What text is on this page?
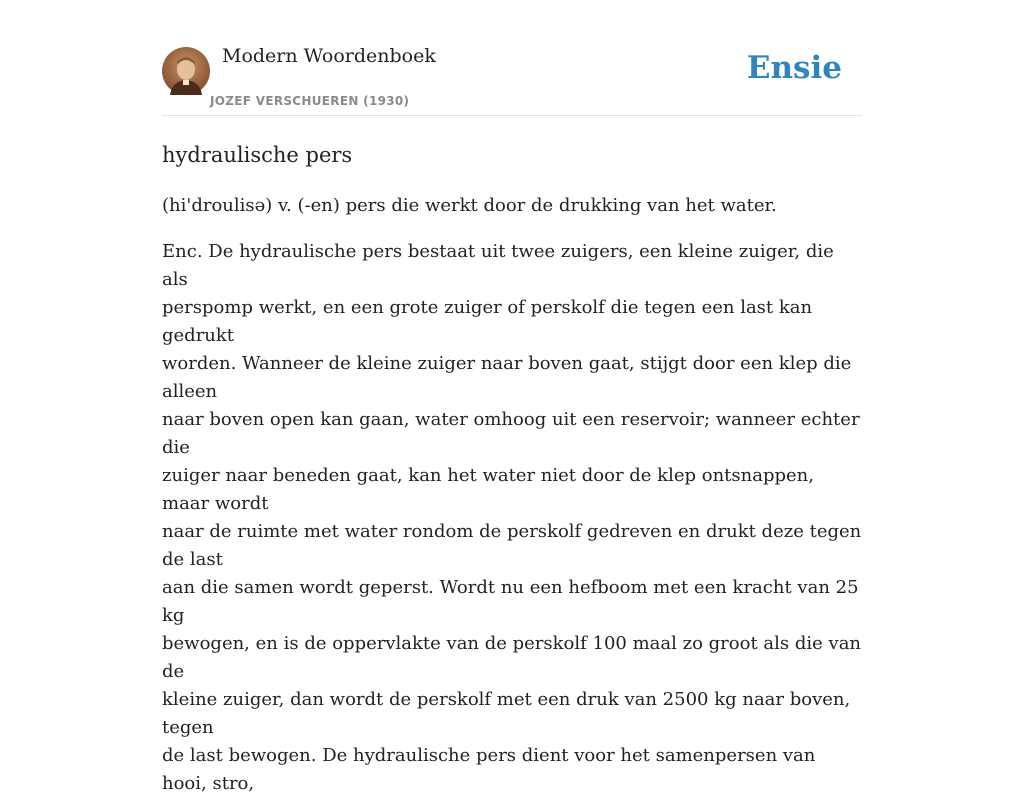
Modern Woordenboek
JOZEF VERSCHUEREN (1930)
Ensie
hydraulische pers

(hi'droulisə) v. (-en) pers die werkt door de drukking van het water.

Enc. De hydraulische pers bestaat uit twee zuigers, een kleine zuiger, die als
perspomp werkt, en een grote zuiger of perskolf die tegen een last kan gedrukt
worden. Wanneer de kleine zuiger naar boven gaat, stijgt door een klep die alleen
naar boven open kan gaan, water omhoog uit een reservoir; wanneer echter die
zuiger naar beneden gaat, kan het water niet door de klep ontsnappen, maar wordt
naar de ruimte met water rondom de perskolf gedreven en drukt deze tegen de last
aan die samen wordt geperst. Wordt nu een hefboom met een kracht van 25 kg
bewogen, en is de oppervlakte van de perskolf 100 maal zo groot als die van de
kleine zuiger, dan wordt de perskolf met een druk van 2500 kg naar boven, tegen
de last bewogen. De hydraulische pers dient voor het samenpersen van hooi, stro,
